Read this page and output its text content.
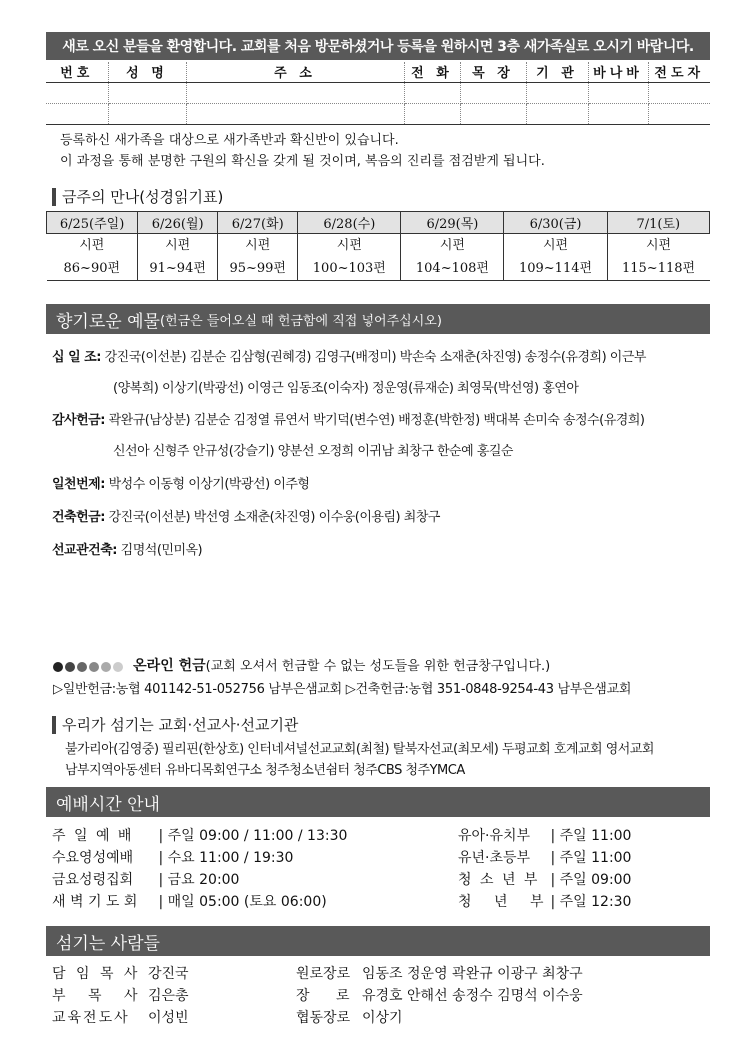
새로 오신 분들을 환영합니다. 교회를 처음 방문하셨거나 등록을 원하시면 3층 새가족실로 오시기 바랍니다.
번호	성 명	주 소	전 화	목 장	기 관	바나바	전도자

등록하신 새가족을 대상으로 새가족반과 확신반이 있습니다.
이 과정을 통해 분명한 구원의 확신을 갖게 될 것이며, 복음의 진리를 점검받게 됩니다.
금주의 만나(성경읽기표)
6/25(주일)	6/26(월)	6/27(화)	6/28(수)	6/29(목)	6/30(금)	7/1(토)
시편	시편	시편	시편	시편	시편	시편
86~90편	91~94편	95~99편	100~103편	104~108편	109~114편	115~118편
향기로운 예물 (헌금은 들어오실 때 헌금함에 직접 넣어주십시오)
십 일 조: 강진국(이선분) 김분순 김삼형(권혜경) 김영구(배정미) 박손숙 소재춘(차진영) 송정수(유경희) 이근부
(양복희) 이상기(박광선) 이영근 임동조(이숙자) 정운영(류재순) 최영묵(박선영) 홍연아
감사헌금: 곽완규(남상분) 김분순 김정열 류연서 박기덕(변수연) 배정훈(박한정) 백대복 손미숙 송정수(유경희)
신선아 신형주 안규성(강슬기) 양분선 오정희 이귀남 최창구 한순예 홍길순
일천번제: 박성수 이동형 이상기(박광선) 이주형
건축헌금: 강진국(이선분) 박선영 소재춘(차진영) 이수웅(이용림) 최창구
선교관건축: 김명석(민미옥)
온라인 헌금(교회 오셔서 헌금할 수 없는 성도들을 위한 헌금창구입니다.)
▷일반헌금:농협 401142-51-052756 남부은샘교회 ▷건축헌금:농협 351-0848-9254-43 남부은샘교회
우리가 섬기는 교회·선교사·선교기관
불가리아(김영중) 필리핀(한상호) 인터네셔널선교교회(최철) 탈북자선교(최모세) 두평교회 호계교회 영서교회
남부지역아동센터 유바디목회연구소 청주청소년쉼터 청주CBS 청주YMCA
예배시간 안내
주 일 예 배 | 주일 09:00 / 11:00 / 13:30
수요영성예배 | 수요 11:00 / 19:30
금요성령집회 | 금요 20:00
새 벽 기 도 회 | 매일 05:00 (토요 06:00)
유아·유치부 | 주일 11:00
유년·초등부 | 주일 11:00
청 소 년 부 | 주일 09:00
청 년 부 | 주일 12:30
섬기는 사람들
담 임 목 사 강진국
부 목 사 김은총
교육전도사 이성빈
원로장로 임동조 정운영 곽완규 이광구 최창구
장 로 유경호 안해선 송정수 김명석 이수웅
협동장로 이상기
